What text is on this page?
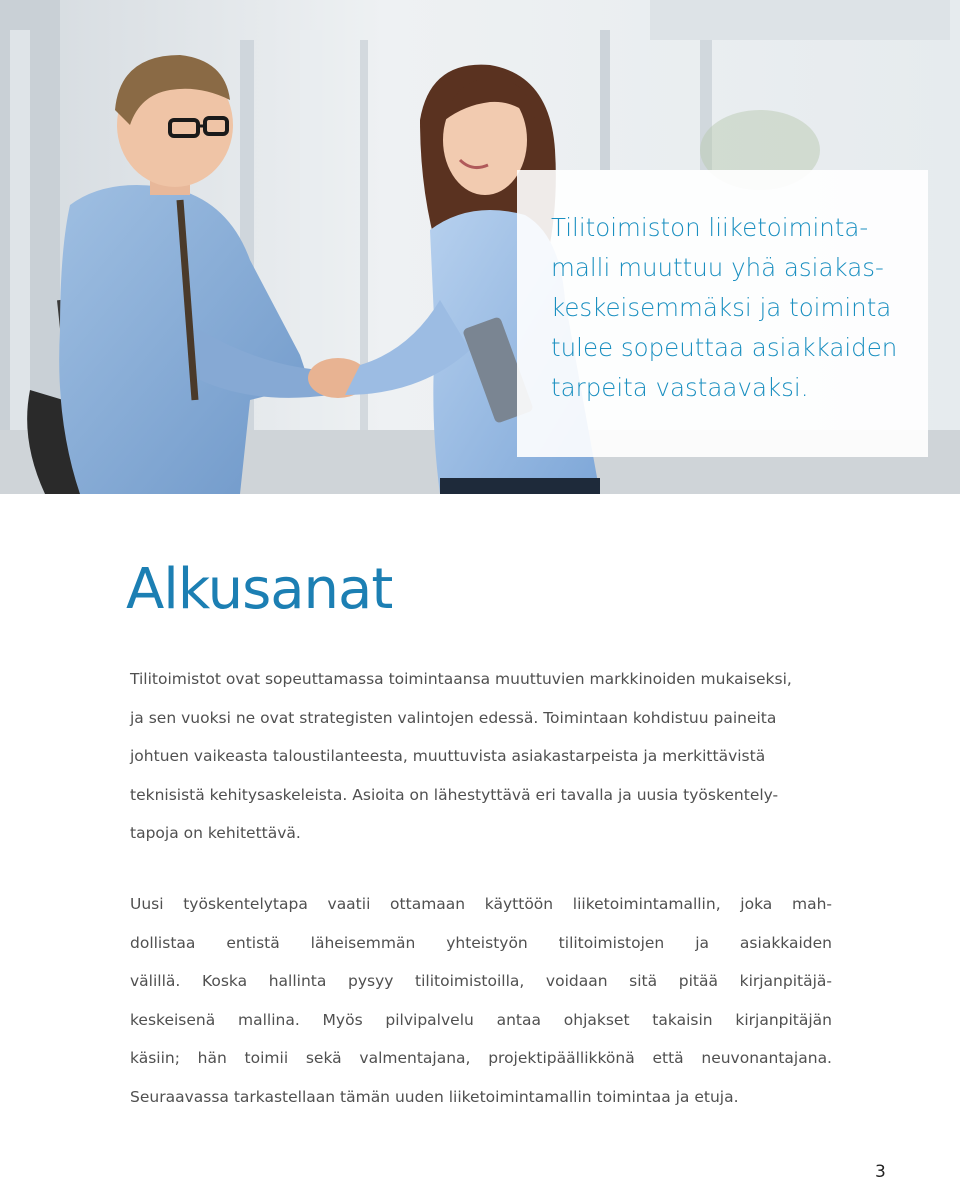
Tilitoimiston liiketoiminta-
malli muuttuu yhä asiakas-
keskeisemmäksi ja toiminta
tulee sopeuttaa asiakkaiden
tarpeita vastaavaksi.
Alkusanat
Tilitoimistot ovat sopeuttamassa toimintaansa muuttuvien markkinoiden mukaiseksi,
ja sen vuoksi ne ovat strategisten valintojen edessä. Toimintaan kohdistuu paineita
johtuen vaikeasta taloustilanteesta, muuttuvista asiakastarpeista ja merkittävistä
teknisistä kehitysaskeleista. Asioita on lähestyttävä eri tavalla ja uusia työskentely-
tapoja on kehitettävä.
Uusi työskentelytapa vaatii ottamaan käyttöön liiketoimintamallin, joka mah-
dollistaa entistä läheisemmän yhteistyön tilitoimistojen ja asiakkaiden
välillä. Koska hallinta pysyy tilitoimistoilla, voidaan sitä pitää kirjanpitäjä-
keskeisenä mallina. Myös pilvipalvelu antaa ohjakset takaisin kirjanpitäjän
käsiin; hän toimii sekä valmentajana, projektipäällikkönä että neuvonantajana.
Seuraavassa tarkastellaan tämän uuden liiketoimintamallin toimintaa ja etuja.
3
